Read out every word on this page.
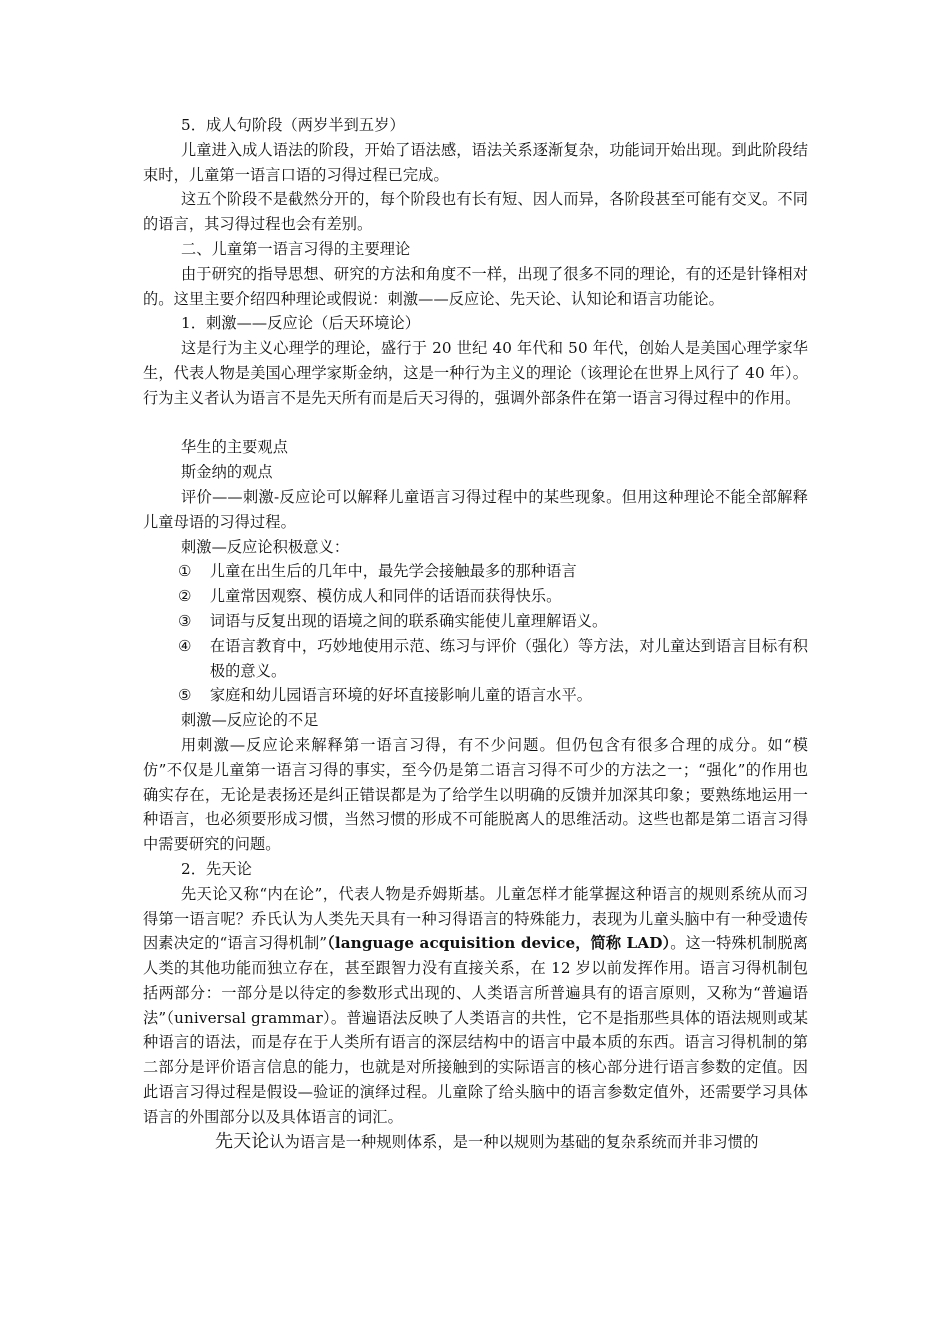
5．成人句阶段（两岁半到五岁）

儿童进入成人语法的阶段，开始了语法感，语法关系逐渐复杂，功能词开始出现。到此阶段结束时，儿童第一语言口语的习得过程已完成。

这五个阶段不是截然分开的，每个阶段也有长有短、因人而异，各阶段甚至可能有交叉。不同的语言，其习得过程也会有差别。

二、儿童第一语言习得的主要理论

由于研究的指导思想、研究的方法和角度不一样，出现了很多不同的理论，有的还是针锋相对的。这里主要介绍四种理论或假说：刺激——反应论、先天论、认知论和语言功能论。

1．刺激——反应论（后天环境论）

这是行为主义心理学的理论，盛行于 20 世纪 40 年代和 50 年代，创始人是美国心理学家华生，代表人物是美国心理学家斯金纳，这是一种行为主义的理论（该理论在世界上风行了 40 年）。行为主义者认为语言不是先天所有而是后天习得的，强调外部条件在第一语言习得过程中的作用。

华生的主要观点

斯金纳的观点

评价——刺激-反应论可以解释儿童语言习得过程中的某些现象。但用这种理论不能全部解释儿童母语的习得过程。

刺激—反应论积极意义：

①	儿童在出生后的几年中，最先学会接触最多的那种语言
②	儿童常因观察、模仿成人和同伴的话语而获得快乐。
③	词语与反复出现的语境之间的联系确实能使儿童理解语义。
④	在语言教育中，巧妙地使用示范、练习与评价（强化）等方法，对儿童达到语言目标有积极的意义。
⑤	家庭和幼儿园语言环境的好坏直接影响儿童的语言水平。

刺激—反应论的不足

用刺激—反应论来解释第一语言习得，有不少问题。但仍包含有很多合理的成分。如“模仿”不仅是儿童第一语言习得的事实，至今仍是第二语言习得不可少的方法之一；“强化”的作用也确实存在，无论是表扬还是纠正错误都是为了给学生以明确的反馈并加深其印象；要熟练地运用一种语言，也必须要形成习惯，当然习惯的形成不可能脱离人的思维活动。这些也都是第二语言习得中需要研究的问题。

2．先天论

先天论又称“内在论”，代表人物是乔姆斯基。儿童怎样才能掌握这种语言的规则系统从而习得第一语言呢？乔氏认为人类先天具有一种习得语言的特殊能力，表现为儿童头脑中有一种受遗传因素决定的“语言习得机制”（language acquisition device，简称 LAD）。这一特殊机制脱离人类的其他功能而独立存在，甚至跟智力没有直接关系，在 12 岁以前发挥作用。语言习得机制包括两部分：一部分是以待定的参数形式出现的、人类语言所普遍具有的语言原则，又称为“普遍语法”（universal grammar）。普遍语法反映了人类语言的共性，它不是指那些具体的语法规则或某种语言的语法，而是存在于人类所有语言的深层结构中的语言中最本质的东西。语言习得机制的第二部分是评价语言信息的能力，也就是对所接触到的实际语言的核心部分进行语言参数的定值。因此语言习得过程是假设—验证的演绎过程。儿童除了给头脑中的语言参数定值外，还需要学习具体语言的外围部分以及具体语言的词汇。

先天论认为语言是一种规则体系，是一种以规则为基础的复杂系统而并非习惯的
